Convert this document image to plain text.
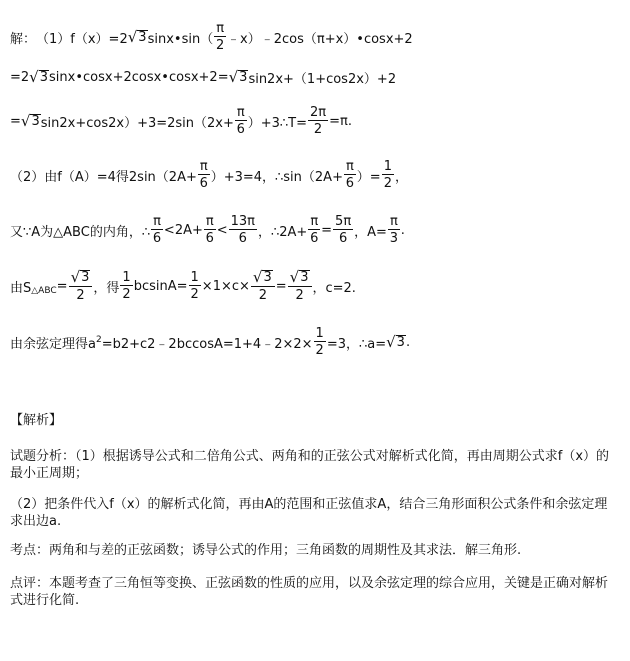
解： （1）f（x）=2 √ 3 sinx•sin（ $\frac{\pi}{2}$ ﹣x）﹣2cos（π+x）•cosx+2
=2 √ 3 sinx•cosx+2cosx•cosx+2= √ 3 sin2x+（1+cos2x）+2
= √ 3 $\sin 2x+\cos 2x)+3=2\sin(2x+ \frac{\pi}{6}$ ）+3∴T= $\frac{2\pi}{2} =\pi$.
（2）由f（A）=4得$2\sin(2A+ \frac{\pi}{6} )+3=4$，∴sin（2A+ $\frac{\pi}{6}$ ）= $\frac{1}{2}$ ，
又∵A为△ABC的内角，∴ $\frac{\pi}{6} <2A+ \frac{\pi}{6} < \frac{13\pi}{6}$ ，∴2A+ $\frac{\pi}{6} = \frac{5\pi}{6}$ ，$A= \frac{\pi}{3}$ .
由$S_{\triangle ABC} = \frac{√ 3}{2}$ ，得 $\frac{1}{2} bcsinA= \frac{1}{2} \times 1\times c\times \frac{√ 3}{2} = \frac{√ 3}{2}$ ，c=2.
由余弦定理得a 2 =b2+c2﹣2bccosA=1+4﹣2×2× $\frac{1}{2} =3$，∴a= √ 3 .
【解析】
试题分析：（1）根据诱导公式和二倍角公式、两角和的正弦公式对解析式化简，再由周期公式求f（x）的最小正周期；
（2）把条件代入f（x）的解析式化简，再由A的范围和正弦值求A，结合三角形面积公式条件和余弦定理求出边a.
考点：两角和与差的正弦函数；诱导公式的作用；三角函数的周期性及其求法．解三角形.
点评：本题考查了三角恒等变换、正弦函数的性质的应用，以及余弦定理的综合应用，关键是正确对解析式进行化简.
